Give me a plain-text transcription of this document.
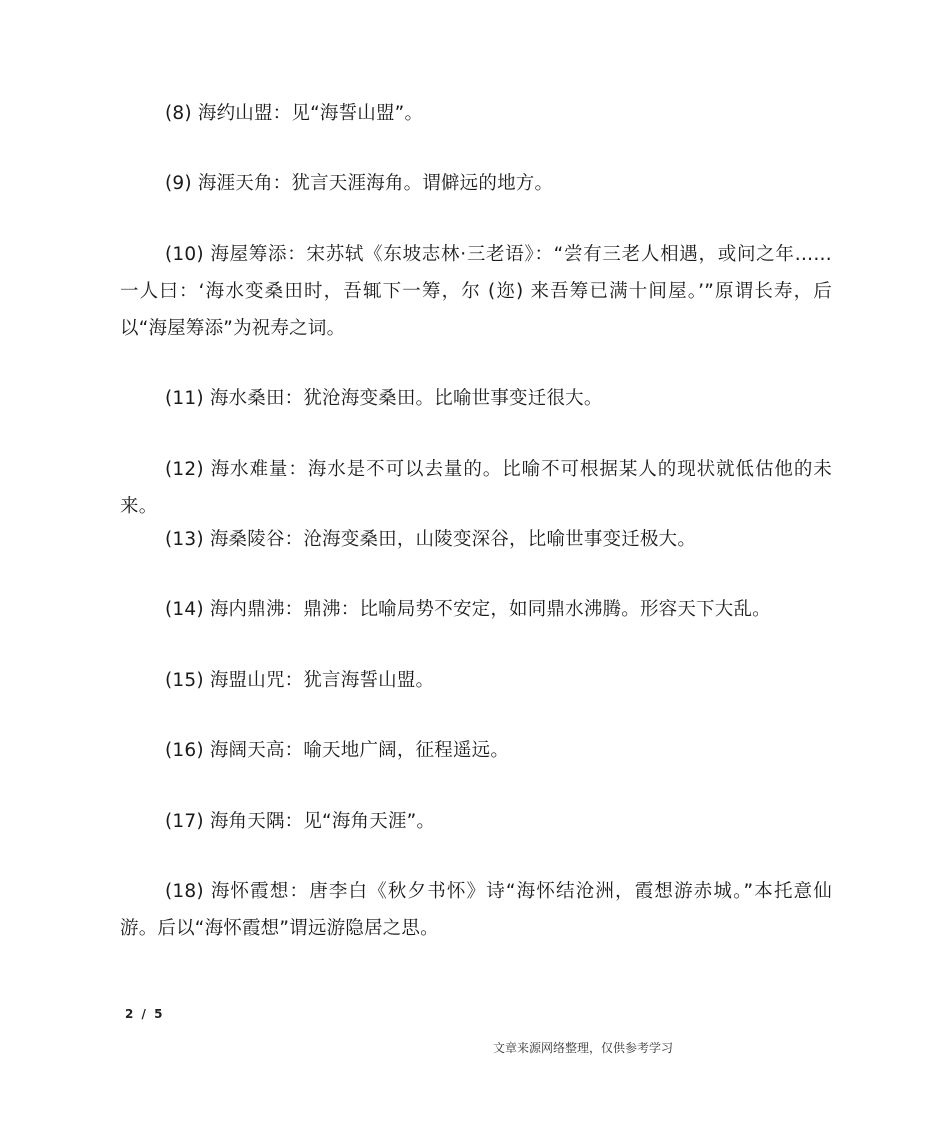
(8) 海约山盟：见“海誓山盟”。

(9) 海涯天角：犹言天涯海角。谓僻远的地方。

(10) 海屋筹添：宋苏轼《东坡志林·三老语》：“尝有三老人相遇，或问之年……一人曰：‘海水变桑田时，吾辄下一筹，尔 (迩) 来吾筹已满十间屋。’”原谓长寿，后以“海屋筹添”为祝寿之词。

(11) 海水桑田：犹沧海变桑田。比喻世事变迁很大。

(12) 海水难量：海水是不可以去量的。比喻不可根据某人的现状就低估他的未来。

(13) 海桑陵谷：沧海变桑田，山陵变深谷，比喻世事变迁极大。

(14) 海内鼎沸：鼎沸：比喻局势不安定，如同鼎水沸腾。形容天下大乱。

(15) 海盟山咒：犹言海誓山盟。

(16) 海阔天高：喻天地广阔，征程遥远。

(17) 海角天隅：见“海角天涯”。

(18) 海怀霞想：唐李白《秋夕书怀》诗“海怀结沧洲，霞想游赤城。”本托意仙游。后以“海怀霞想”谓远游隐居之思。

2 / 5
文章来源网络整理，仅供参考学习
